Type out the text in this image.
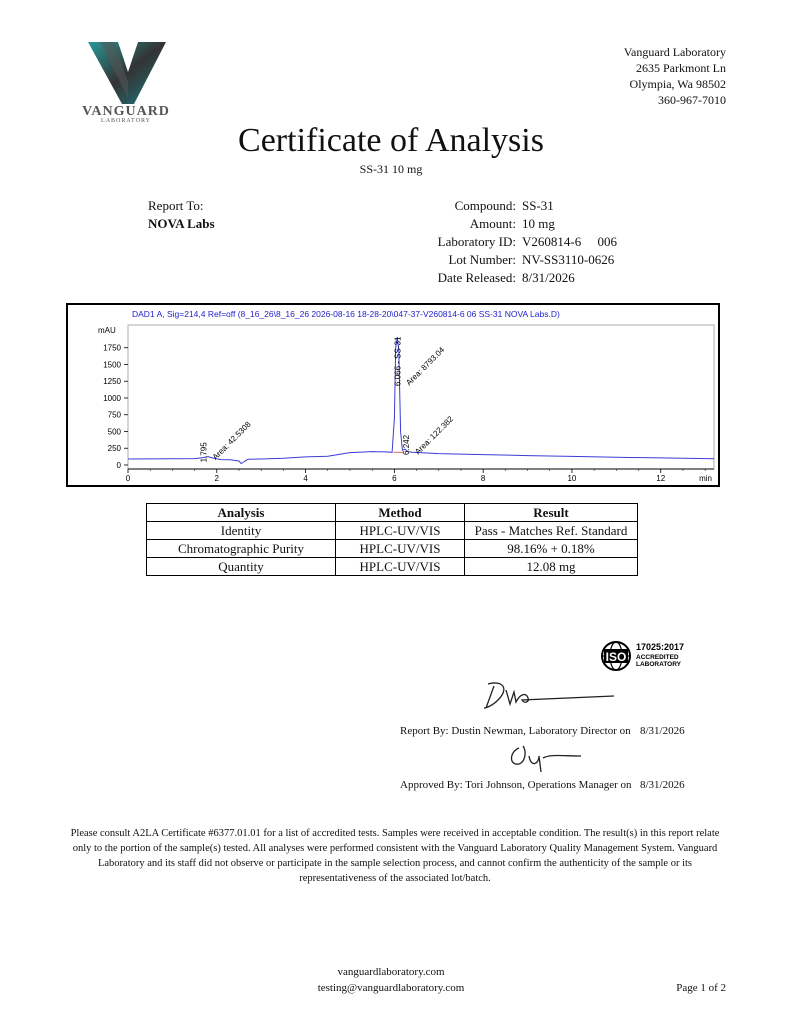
VANGUARD
LABORATORY
Vanguard Laboratory
2635 Parkmont Ln
Olympia, Wa 98502
360-967-7010
Certificate of Analysis
SS-31 10 mg
Report To:
NOVA Labs
Compound: SS-31
Amount: 10 mg
Laboratory ID: V260814-6     006
Lot Number: NV-SS3110-0626
Date Released: 8/31/2026
DAD1 A, Sig=214,4 Ref=off (8_16_26\8_16_26 2026-08-16 18-28-20\047-37-V260814-6 06 SS-31 NOVA Labs.D)
mAU
0
250
500
750
1000
1250
1500
1750
0	2	4	6	8	10	12	min
1.795 Area: 42.5308
6.066 - SS-31 Area: 8793.04
6.242 Area: 122.382
Analysis	Method	Result
Identity	HPLC-UV/VIS	Pass - Matches Ref. Standard
Chromatographic Purity	HPLC-UV/VIS	98.16% + 0.18%
Quantity	HPLC-UV/VIS	12.08 mg
ISO
17025:2017
ACCREDITED
LABORATORY
Report By: Dustin Newman, Laboratory Director on 8/31/2026
Approved By: Tori Johnson, Operations Manager on 8/31/2026
Please consult A2LA Certificate #6377.01.01 for a list of accredited tests. Samples were received in acceptable condition. The result(s) in this report relate only to the portion of the sample(s) tested. All analyses were performed consistent with the Vanguard Laboratory Quality Management System. Vanguard Laboratory and its staff did not observe or participate in the sample selection process, and cannot confirm the authenticity of the sample or its representativeness of the associated lot/batch.
vanguardlaboratory.com
testing@vanguardlaboratory.com	Page 1 of 2
